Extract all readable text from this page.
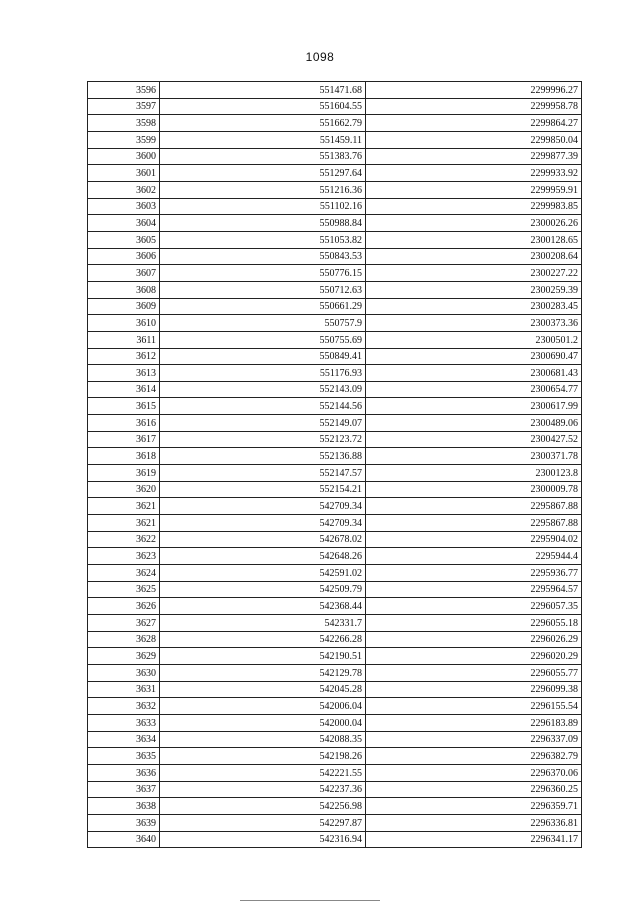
1098
3596	551471.68	2299996.27
3597	551604.55	2299958.78
3598	551662.79	2299864.27
3599	551459.11	2299850.04
3600	551383.76	2299877.39
3601	551297.64	2299933.92
3602	551216.36	2299959.91
3603	551102.16	2299983.85
3604	550988.84	2300026.26
3605	551053.82	2300128.65
3606	550843.53	2300208.64
3607	550776.15	2300227.22
3608	550712.63	2300259.39
3609	550661.29	2300283.45
3610	550757.9	2300373.36
3611	550755.69	2300501.2
3612	550849.41	2300690.47
3613	551176.93	2300681.43
3614	552143.09	2300654.77
3615	552144.56	2300617.99
3616	552149.07	2300489.06
3617	552123.72	2300427.52
3618	552136.88	2300371.78
3619	552147.57	2300123.8
3620	552154.21	2300009.78
3621	542709.34	2295867.88
3621	542709.34	2295867.88
3622	542678.02	2295904.02
3623	542648.26	2295944.4
3624	542591.02	2295936.77
3625	542509.79	2295964.57
3626	542368.44	2296057.35
3627	542331.7	2296055.18
3628	542266.28	2296026.29
3629	542190.51	2296020.29
3630	542129.78	2296055.77
3631	542045.28	2296099.38
3632	542006.04	2296155.54
3633	542000.04	2296183.89
3634	542088.35	2296337.09
3635	542198.26	2296382.79
3636	542221.55	2296370.06
3637	542237.36	2296360.25
3638	542256.98	2296359.71
3639	542297.87	2296336.81
3640	542316.94	2296341.17
